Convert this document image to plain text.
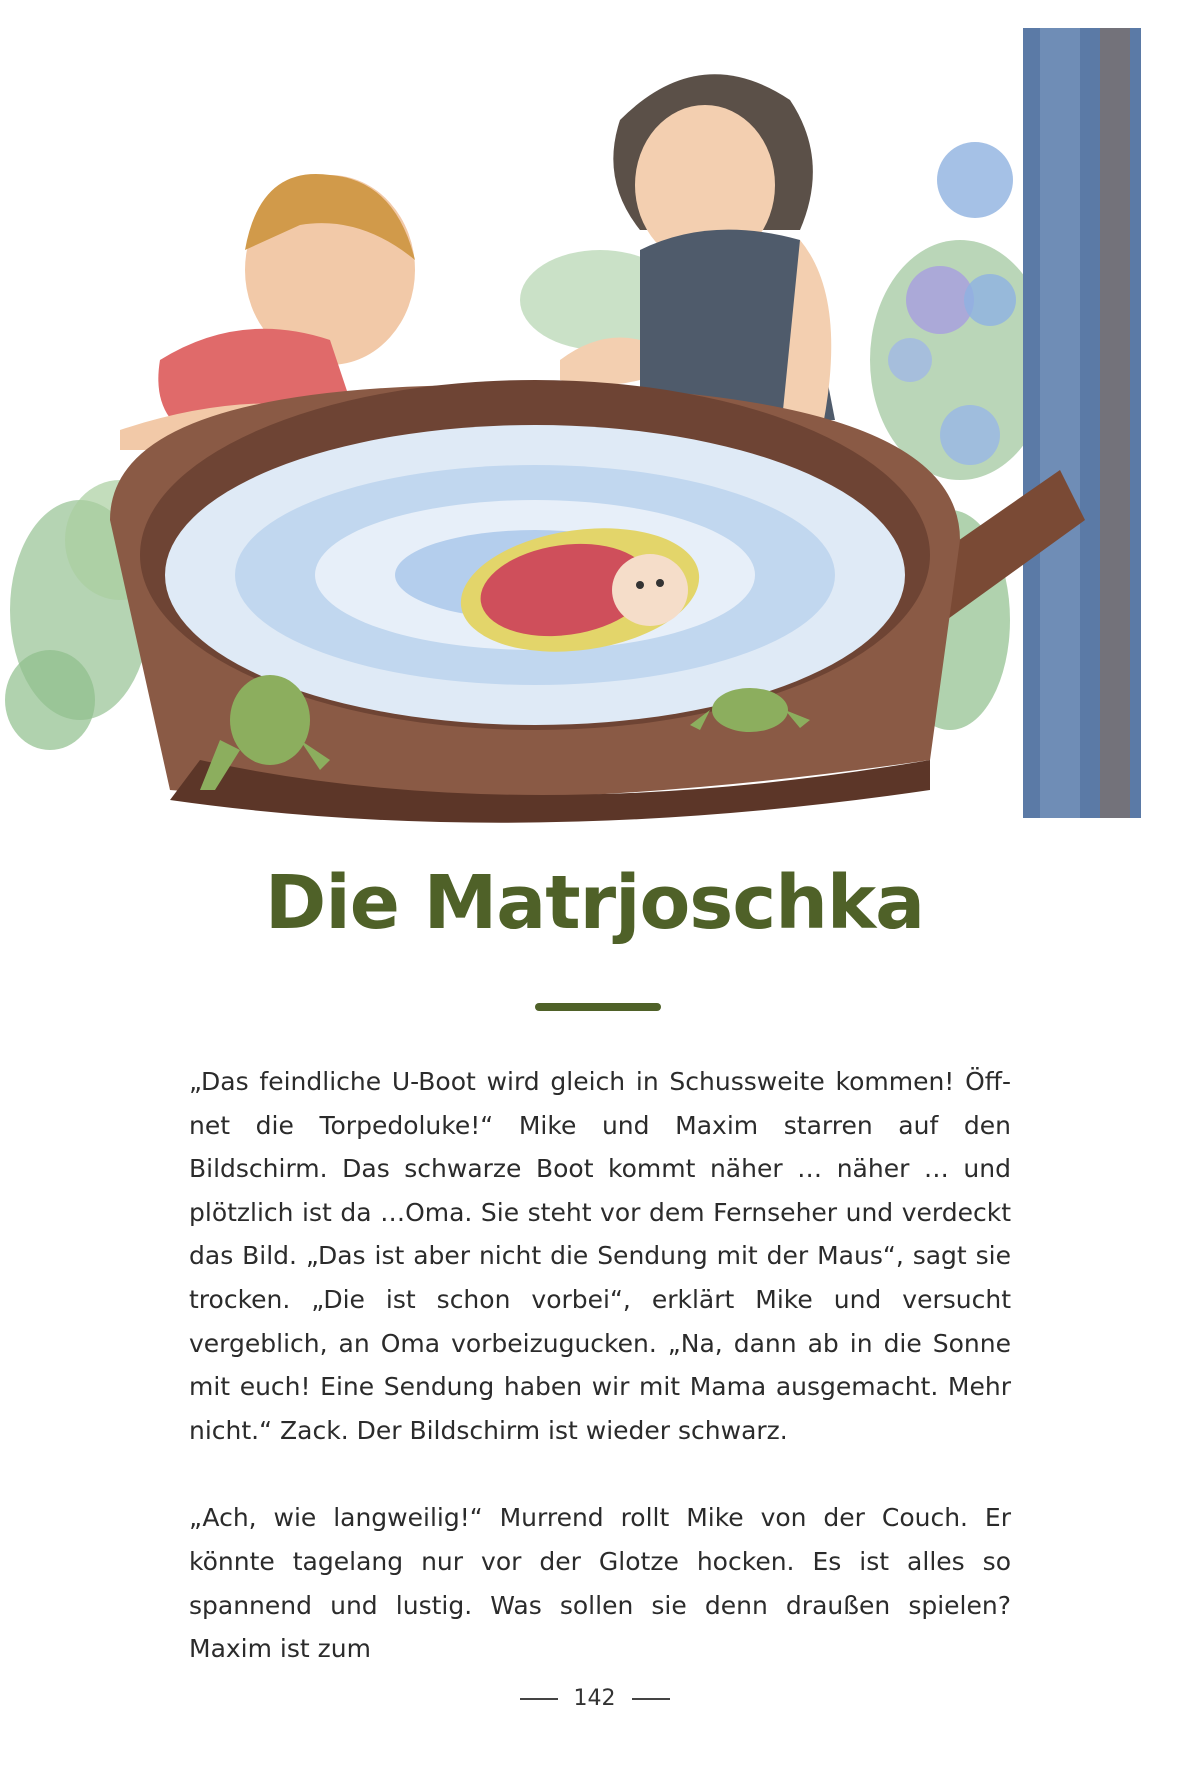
Die Matrjoschka

„Das feindliche U-Boot wird gleich in Schussweite kommen! Öffnet die Torpedoluke!“ Mike und Maxim starren auf den Bildschirm. Das schwarze Boot kommt näher … näher … und plötzlich ist da …Oma. Sie steht vor dem Fernseher und verdeckt das Bild. „Das ist aber nicht die Sendung mit der Maus“, sagt sie trocken. „Die ist schon vorbei“, erklärt Mike und versucht vergeblich, an Oma vorbeizugucken. „Na, dann ab in die Sonne mit euch! Eine Sendung haben wir mit Mama ausgemacht. Mehr nicht.“ Zack. Der Bildschirm ist wieder schwarz.

„Ach, wie langweilig!“ Murrend rollt Mike von der Couch. Er könnte tagelang nur vor der Glotze hocken. Es ist alles so spannend und lustig. Was sollen sie denn draußen spielen? Maxim ist zum

142
